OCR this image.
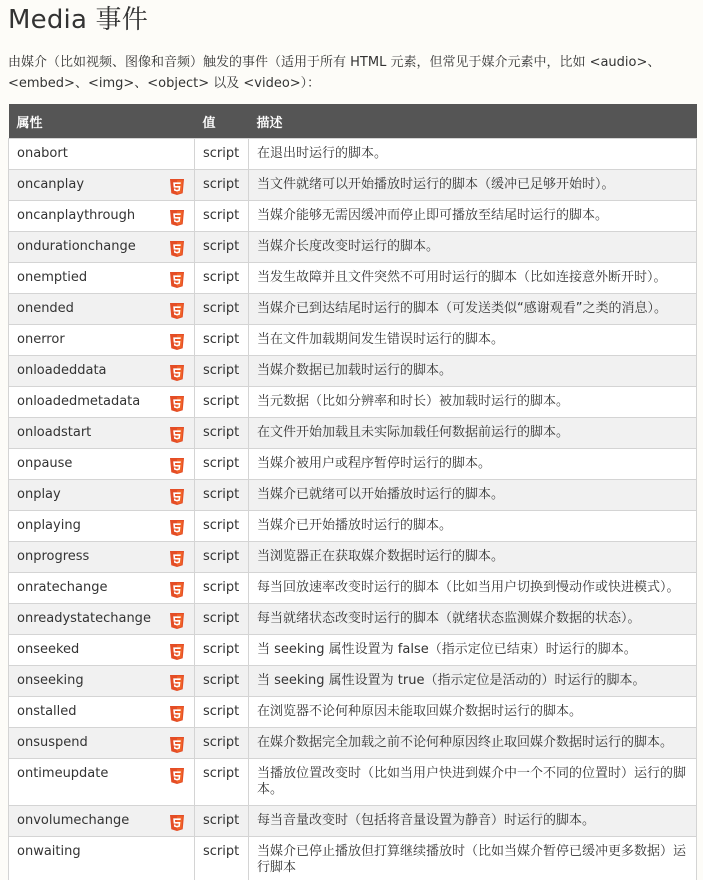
Media 事件

由媒介（比如视频、图像和音频）触发的事件（适用于所有 HTML 元素，但常见于媒介元素中，比如 <audio>、<embed>、<img>、<object> 以及 <video>）：

属性	值	描述
onabort	script	在退出时运行的脚本。
oncanplay	script	当文件就绪可以开始播放时运行的脚本（缓冲已足够开始时）。
oncanplaythrough	script	当媒介能够无需因缓冲而停止即可播放至结尾时运行的脚本。
ondurationchange	script	当媒介长度改变时运行的脚本。
onemptied	script	当发生故障并且文件突然不可用时运行的脚本（比如连接意外断开时）。
onended	script	当媒介已到达结尾时运行的脚本（可发送类似“感谢观看”之类的消息）。
onerror	script	当在文件加载期间发生错误时运行的脚本。
onloadeddata	script	当媒介数据已加载时运行的脚本。
onloadedmetadata	script	当元数据（比如分辨率和时长）被加载时运行的脚本。
onloadstart	script	在文件开始加载且未实际加载任何数据前运行的脚本。
onpause	script	当媒介被用户或程序暂停时运行的脚本。
onplay	script	当媒介已就绪可以开始播放时运行的脚本。
onplaying	script	当媒介已开始播放时运行的脚本。
onprogress	script	当浏览器正在获取媒介数据时运行的脚本。
onratechange	script	每当回放速率改变时运行的脚本（比如当用户切换到慢动作或快进模式）。
onreadystatechange	script	每当就绪状态改变时运行的脚本（就绪状态监测媒介数据的状态）。
onseeked	script	当 seeking 属性设置为 false（指示定位已结束）时运行的脚本。
onseeking	script	当 seeking 属性设置为 true（指示定位是活动的）时运行的脚本。
onstalled	script	在浏览器不论何种原因未能取回媒介数据时运行的脚本。
onsuspend	script	在媒介数据完全加载之前不论何种原因终止取回媒介数据时运行的脚本。
ontimeupdate	script	当播放位置改变时（比如当用户快进到媒介中一个不同的位置时）运行的脚本。
onvolumechange	script	每当音量改变时（包括将音量设置为静音）时运行的脚本。
onwaiting	script	当媒介已停止播放但打算继续播放时（比如当媒介暂停已缓冲更多数据）运行脚本
